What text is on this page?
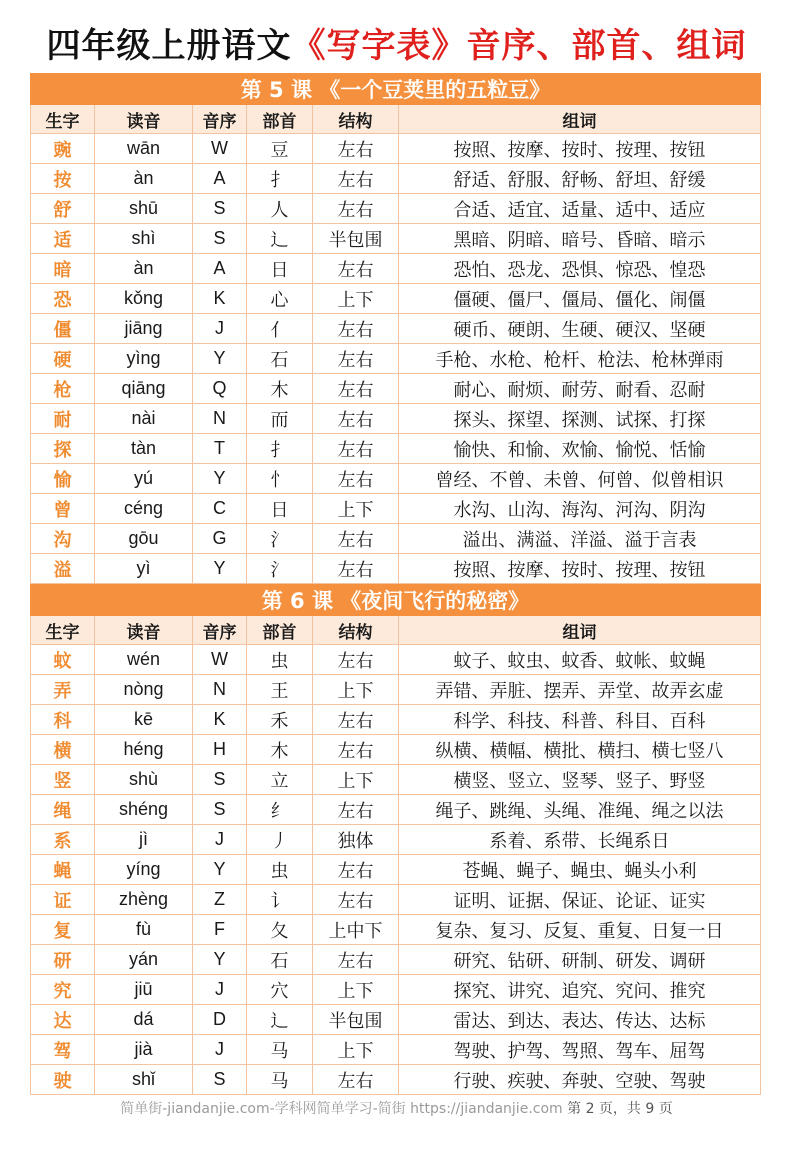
四年级上册语文《写字表》音序、部首、组词
第 5 课 《一个豆荚里的五粒豆》					
生字	读音	音序	部首	结构	组词
豌	wān	W	豆	左右	按照、按摩、按时、按理、按钮
按	àn	A	扌	左右	舒适、舒服、舒畅、舒坦、舒缓
舒	shū	S	人	左右	合适、适宜、适量、适中、适应
适	shì	S	辶	半包围	黑暗、阴暗、暗号、昏暗、暗示
暗	àn	A	日	左右	恐怕、恐龙、恐惧、惊恐、惶恐
恐	kǒng	K	心	上下	僵硬、僵尸、僵局、僵化、闹僵
僵	jiāng	J	亻	左右	硬币、硬朗、生硬、硬汉、坚硬
硬	yìng	Y	石	左右	手枪、水枪、枪杆、枪法、枪林弹雨
枪	qiāng	Q	木	左右	耐心、耐烦、耐劳、耐看、忍耐
耐	nài	N	而	左右	探头、探望、探测、试探、打探
探	tàn	T	扌	左右	愉快、和愉、欢愉、愉悦、恬愉
愉	yú	Y	忄	左右	曾经、不曾、未曾、何曾、似曾相识
曾	céng	C	日	上下	水沟、山沟、海沟、河沟、阴沟
沟	gōu	G	氵	左右	溢出、满溢、洋溢、溢于言表
溢	yì	Y	氵	左右	按照、按摩、按时、按理、按钮
第 6 课 《夜间飞行的秘密》					
生字	读音	音序	部首	结构	组词
蚊	wén	W	虫	左右	蚊子、蚊虫、蚊香、蚊帐、蚊蝇
弄	nòng	N	王	上下	弄错、弄脏、摆弄、弄堂、故弄玄虚
科	kē	K	禾	左右	科学、科技、科普、科目、百科
横	héng	H	木	左右	纵横、横幅、横批、横扫、横七竖八
竖	shù	S	立	上下	横竖、竖立、竖琴、竖子、野竖
绳	shéng	S	纟	左右	绳子、跳绳、头绳、准绳、绳之以法
系	jì	J	丿	独体	系着、系带、长绳系日
蝇	yíng	Y	虫	左右	苍蝇、蝇子、蝇虫、蝇头小利
证	zhèng	Z	讠	左右	证明、证据、保证、论证、证实
复	fù	F	夂	上中下	复杂、复习、反复、重复、日复一日
研	yán	Y	石	左右	研究、钻研、研制、研发、调研
究	jiū	J	穴	上下	探究、讲究、追究、究问、推究
达	dá	D	辶	半包围	雷达、到达、表达、传达、达标
驾	jià	J	马	上下	驾驶、护驾、驾照、驾车、屈驾
驶	shǐ	S	马	左右	行驶、疾驶、奔驶、空驶、驾驶
简单街-jiandanjie.com-学科网简单学习-简街 https://jiandanjie.com 第 2 页，共 9 页
